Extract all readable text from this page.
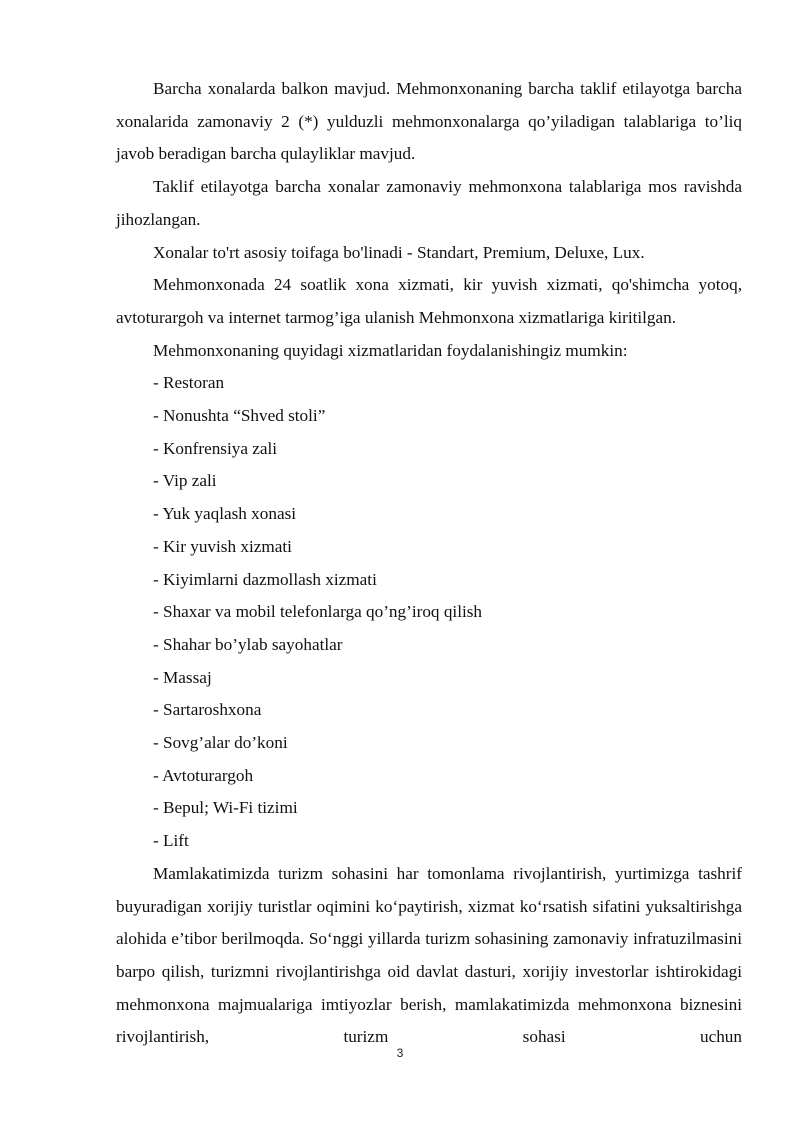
Barcha xonalarda balkon mavjud. Mehmonxonaning barcha taklif etilayotga barcha xonalarida zamonaviy 2 (*) yulduzli mehmonxonalarga qo’yiladigan talablariga to’liq javob beradigan barcha qulayliklar mavjud.

Taklif etilayotga barcha xonalar zamonaviy mehmonxona talablariga mos ravishda jihozlangan.

Xonalar to'rt asosiy toifaga bo'linadi - Standart, Premium, Deluxe, Lux.

Mehmonxonada 24 soatlik xona xizmati, kir yuvish xizmati, qo'shimcha yotoq, avtoturargoh va internet tarmog’iga ulanish Mehmonxona xizmatlariga kiritilgan.

Mehmonxonaning quyidagi xizmatlaridan foydalanishingiz mumkin:

- Restoran
- Nonushta “Shved stoli”
- Konfrensiya zali
- Vip zali
- Yuk yaqlash xonasi
- Kir yuvish xizmati
- Kiyimlarni dazmollash xizmati
- Shaxar va mobil telefonlarga qo’ng’iroq qilish
- Shahar bo’ylab sayohatlar
- Massaj
- Sartaroshxona
- Sovg’alar do’koni
- Avtoturargoh
- Bepul; Wi-Fi tizimi
- Lift

Mamlakatimizda turizm sohasini har tomonlama rivojlantirish, yurtimizga tashrif buyuradigan xorijiy turistlar oqimini ko‘paytirish, xizmat ko‘rsatish sifatini yuksaltirishga alohida e’tibor berilmoqda. So‘nggi yillarda turizm sohasining zamonaviy infratuzilmasini barpo qilish, turizmni rivojlantirishga oid davlat dasturi, xorijiy investorlar ishtirokidagi mehmonxona majmualariga imtiyozlar berish, mamlakatimizda mehmonxona biznesini rivojlantirish, turizm sohasi uchun

3
